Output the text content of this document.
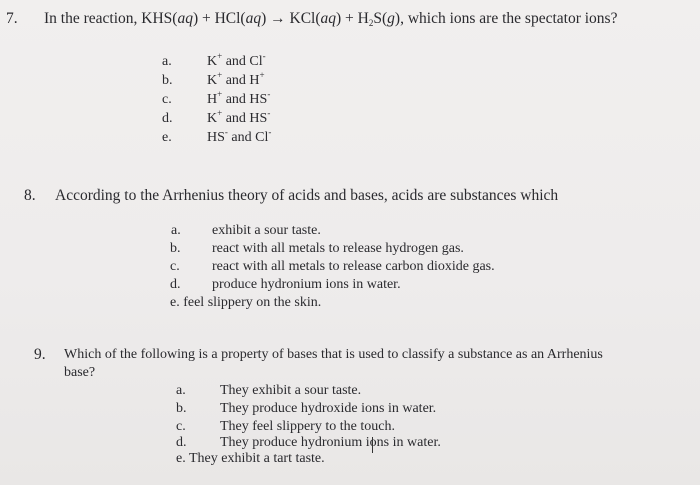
7. In the reaction, $KHS(aq) + HCl(aq) \to KCl(aq) + H_2S(g)$, which ions are the spectator ions?
a.	K+ and Cl-
b. K+ and H+
c.	H+ and HS-
d. K+ and HS-
e.	HS- and Cl-
8. According to the Arrhenius theory of acids and bases, acids are substances which
a. exhibit a sour taste.
b. react with all metals to release hydrogen gas.
c. react with all metals to release carbon dioxide gas.
d. produce hydronium ions in water.
e. feel slippery on the skin.
9. Which of the following is a property of bases that is used to classify a substance as an Arrhenius
base?
a. They exhibit a sour taste.
b. They produce hydroxide ions in water.
c. They feel slippery to the touch.
d. They produce hydronium ions in water.
e. They exhibit a tart taste.
